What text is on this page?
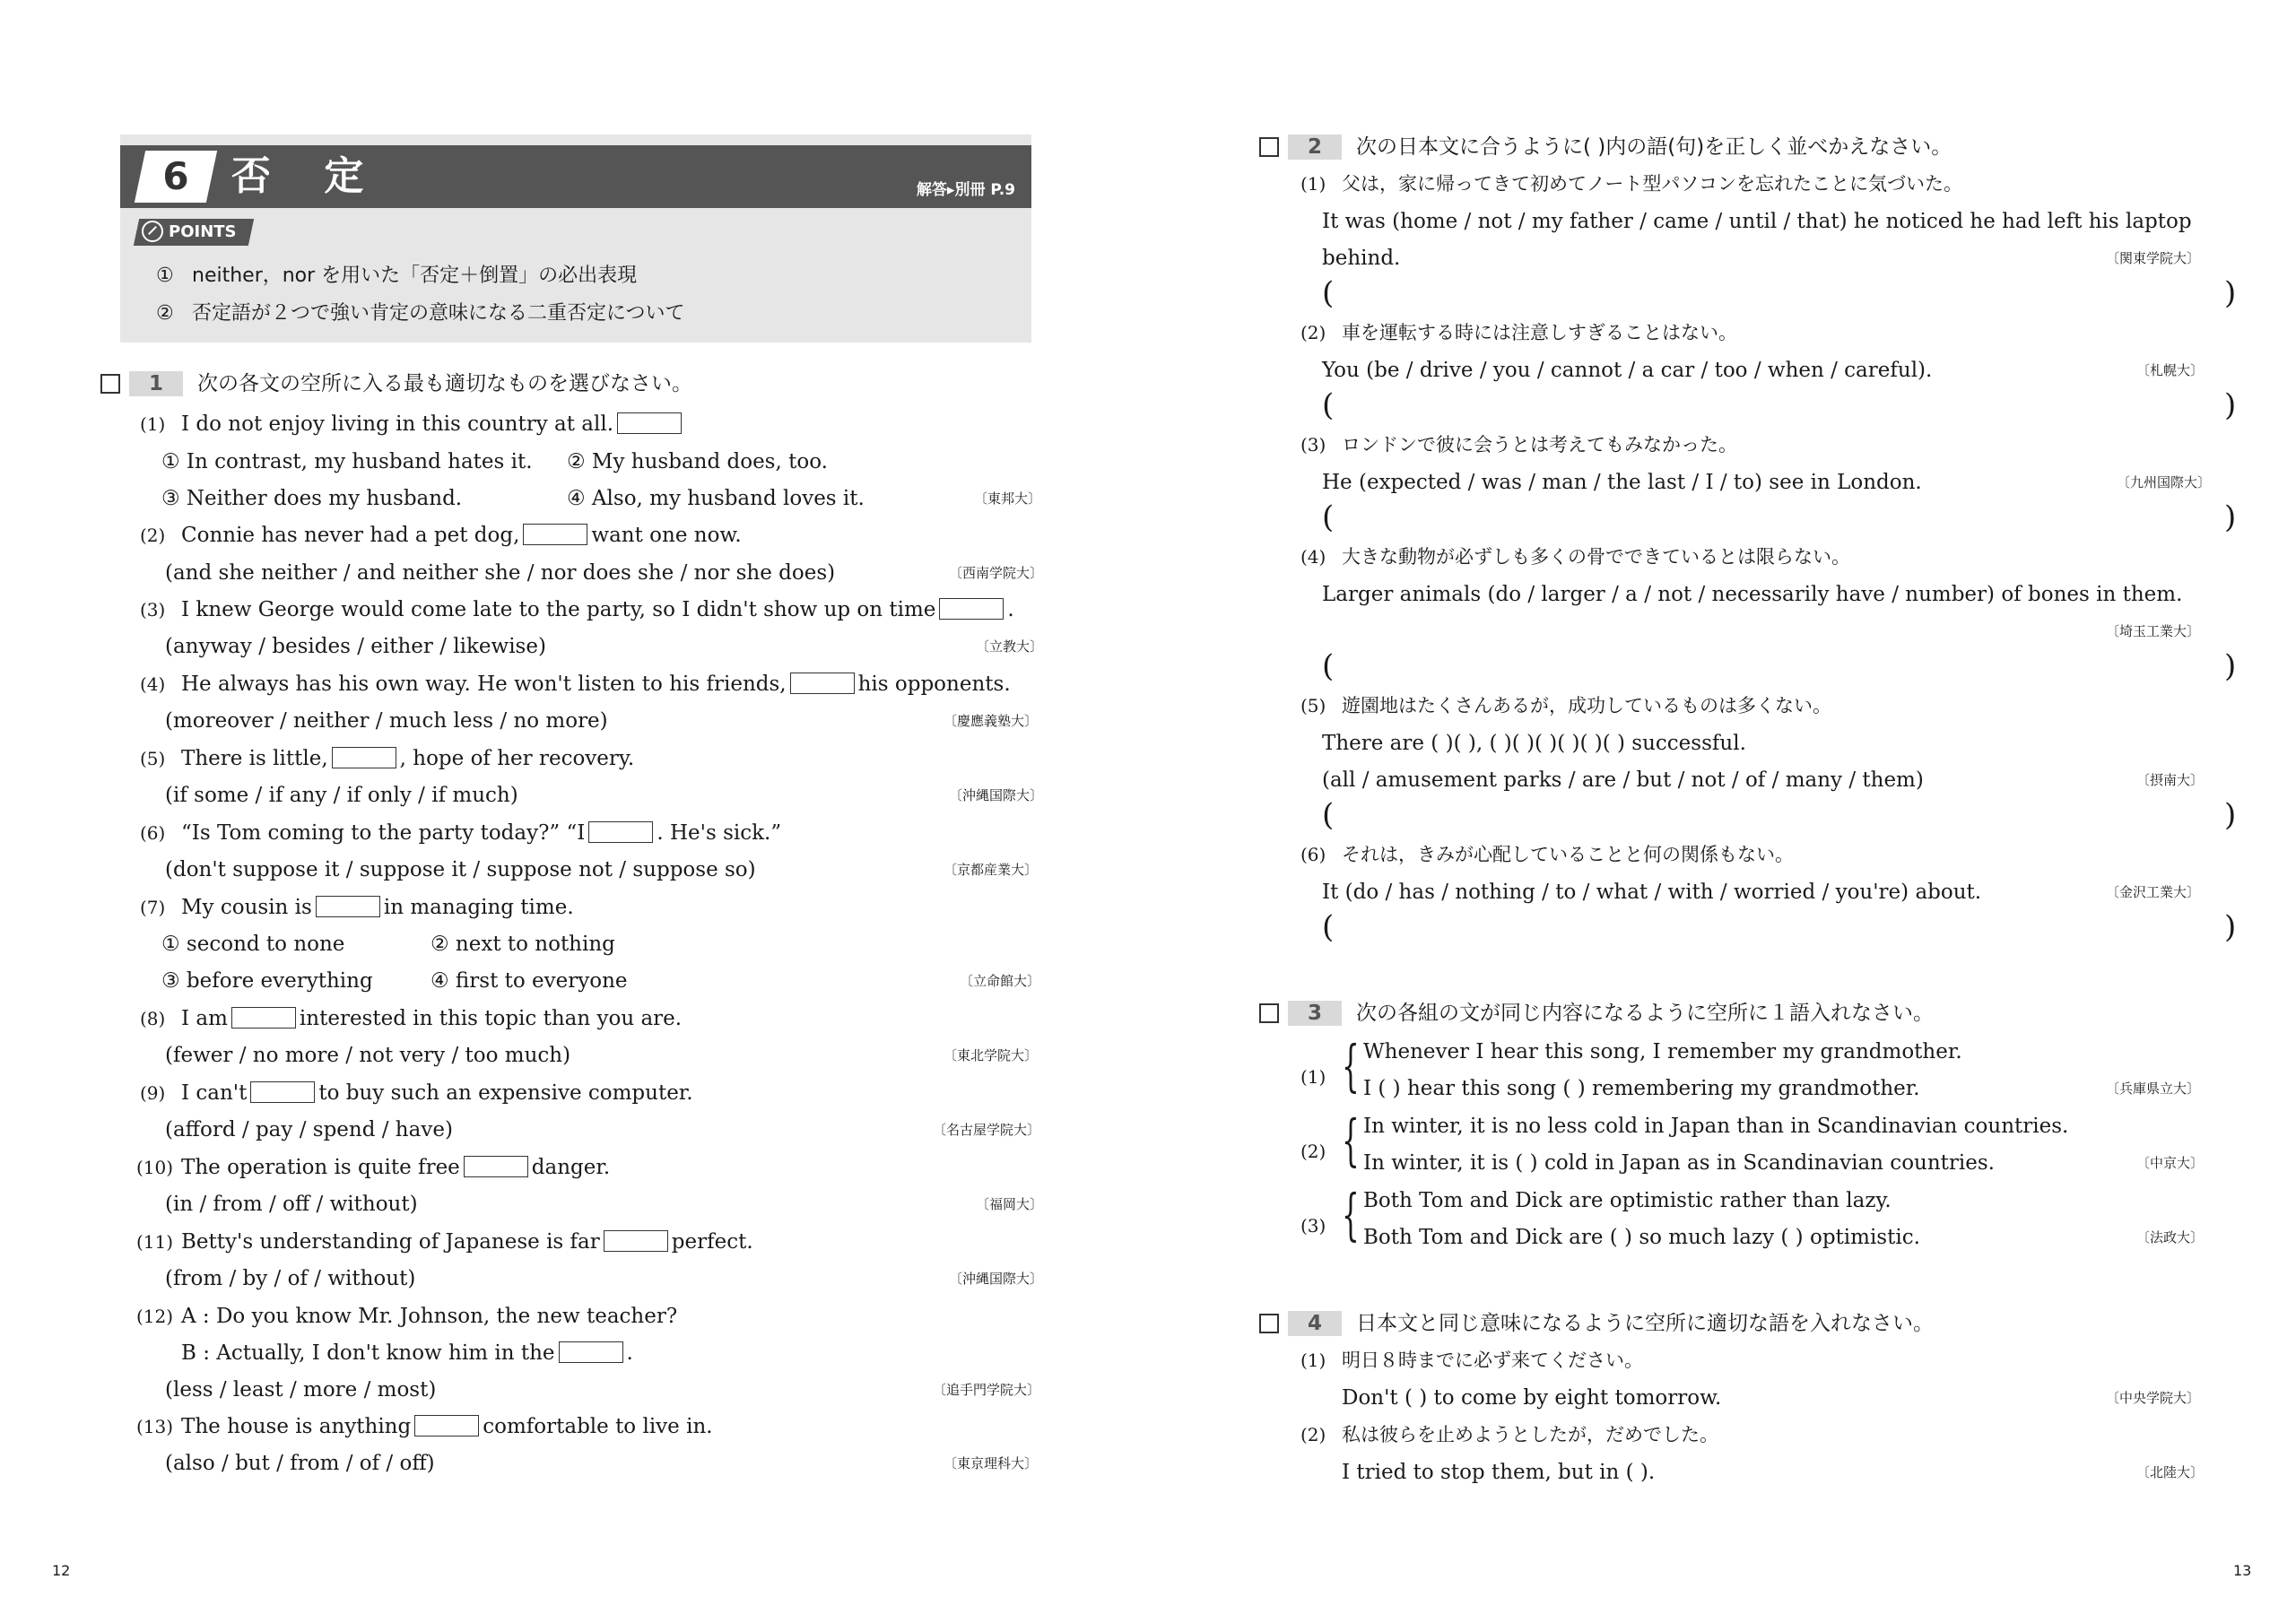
6	否 定	解答▸別冊 P.9
POINTS
① neither，nor を用いた「否定＋倒置」の必出表現
② 否定語が２つで強い肯定の意味になる二重否定について
1	次の各文の空所に入る最も適切なものを選びなさい。
(1) I do not enjoy living in this country at all.
① In contrast, my husband hates it. ② My husband does, too.
③ Neither does my husband.	④ Also, my husband loves it.	〔東邦大〕
(2) Connie has never had a pet dog,	want one now.
(and she neither / and neither she / nor does she / nor she does)	〔西南学院大〕
(3) I knew George would come late to the party, so I didn't show up on time	.
(anyway / besides / either / likewise)	〔立教大〕
(4) He always has his own way. He won't listen to his friends,	his opponents.
(moreover / neither / much less / no more)	〔慶應義塾大〕
(5) There is little,	, hope of her recovery.
(if some / if any / if only / if much)	〔沖縄国際大〕
(6) “Is Tom coming to the party today?” “I	. He's sick.”
(don't suppose it / suppose it / suppose not / suppose so)	〔京都産業大〕
(7) My cousin is	in managing time.
① second to none	② next to nothing
③ before everything	④ first to everyone	〔立命館大〕
(8) I am	interested in this topic than you are.
(fewer / no more / not very / too much)	〔東北学院大〕
(9) I can't	to buy such an expensive computer.
(afford / pay / spend / have)	〔名古屋学院大〕
(10) The operation is quite free	danger.
(in / from / off / without)	〔福岡大〕
(11) Betty's understanding of Japanese is far	perfect.
(from / by / of / without)	〔沖縄国際大〕
(12) A : Do you know Mr. Johnson, the new teacher?
B : Actually, I don't know him in the	.
(less / least / more / most)	〔追手門学院大〕
(13) The house is anything	comfortable to live in.
(also / but / from / of / off)	〔東京理科大〕
12
2	次の日本文に合うように( )内の語(句)を正しく並べかえなさい。
(1) 父は，家に帰ってきて初めてノート型パソコンを忘れたことに気づいた。
It was (home / not / my father / came / until / that) he noticed he had left his laptop
behind.	〔関東学院大〕
(	)
(2) 車を運転する時には注意しすぎることはない。
You (be / drive / you / cannot / a car / too / when / careful).	〔札幌大〕
(	)
(3) ロンドンで彼に会うとは考えてもみなかった。
He (expected / was / man / the last / I / to) see in London.	〔九州国際大〕
(	)
(4) 大きな動物が必ずしも多くの骨でできているとは限らない。
Larger animals (do / larger / a / not / necessarily have / number) of bones in them.
〔埼玉工業大〕
(	)
(5) 遊園地はたくさんあるが，成功しているものは多くない。
There are ( )( ), ( )( )( )( )( )( ) successful.
(all / amusement parks / are / but / not / of / many / them)	〔摂南大〕
(	)
(6) それは，きみが心配していることと何の関係もない。
It (do / has / nothing / to / what / with / worried / you're) about.	〔金沢工業大〕
(	)
3	次の各組の文が同じ内容になるように空所に１語入れなさい。
(1) { Whenever I hear this song, I remember my grandmother.
I ( ) hear this song ( ) remembering my grandmother.	〔兵庫県立大〕
(2) { In winter, it is no less cold in Japan than in Scandinavian countries.
In winter, it is ( ) cold in Japan as in Scandinavian countries.	〔中京大〕
(3) { Both Tom and Dick are optimistic rather than lazy.
Both Tom and Dick are ( ) so much lazy ( ) optimistic.	〔法政大〕
4	日本文と同じ意味になるように空所に適切な語を入れなさい。
(1) 明日８時までに必ず来てください。
Don't ( ) to come by eight tomorrow.	〔中央学院大〕
(2) 私は彼らを止めようとしたが，だめでした。
I tried to stop them, but in ( ).	〔北陸大〕
13
